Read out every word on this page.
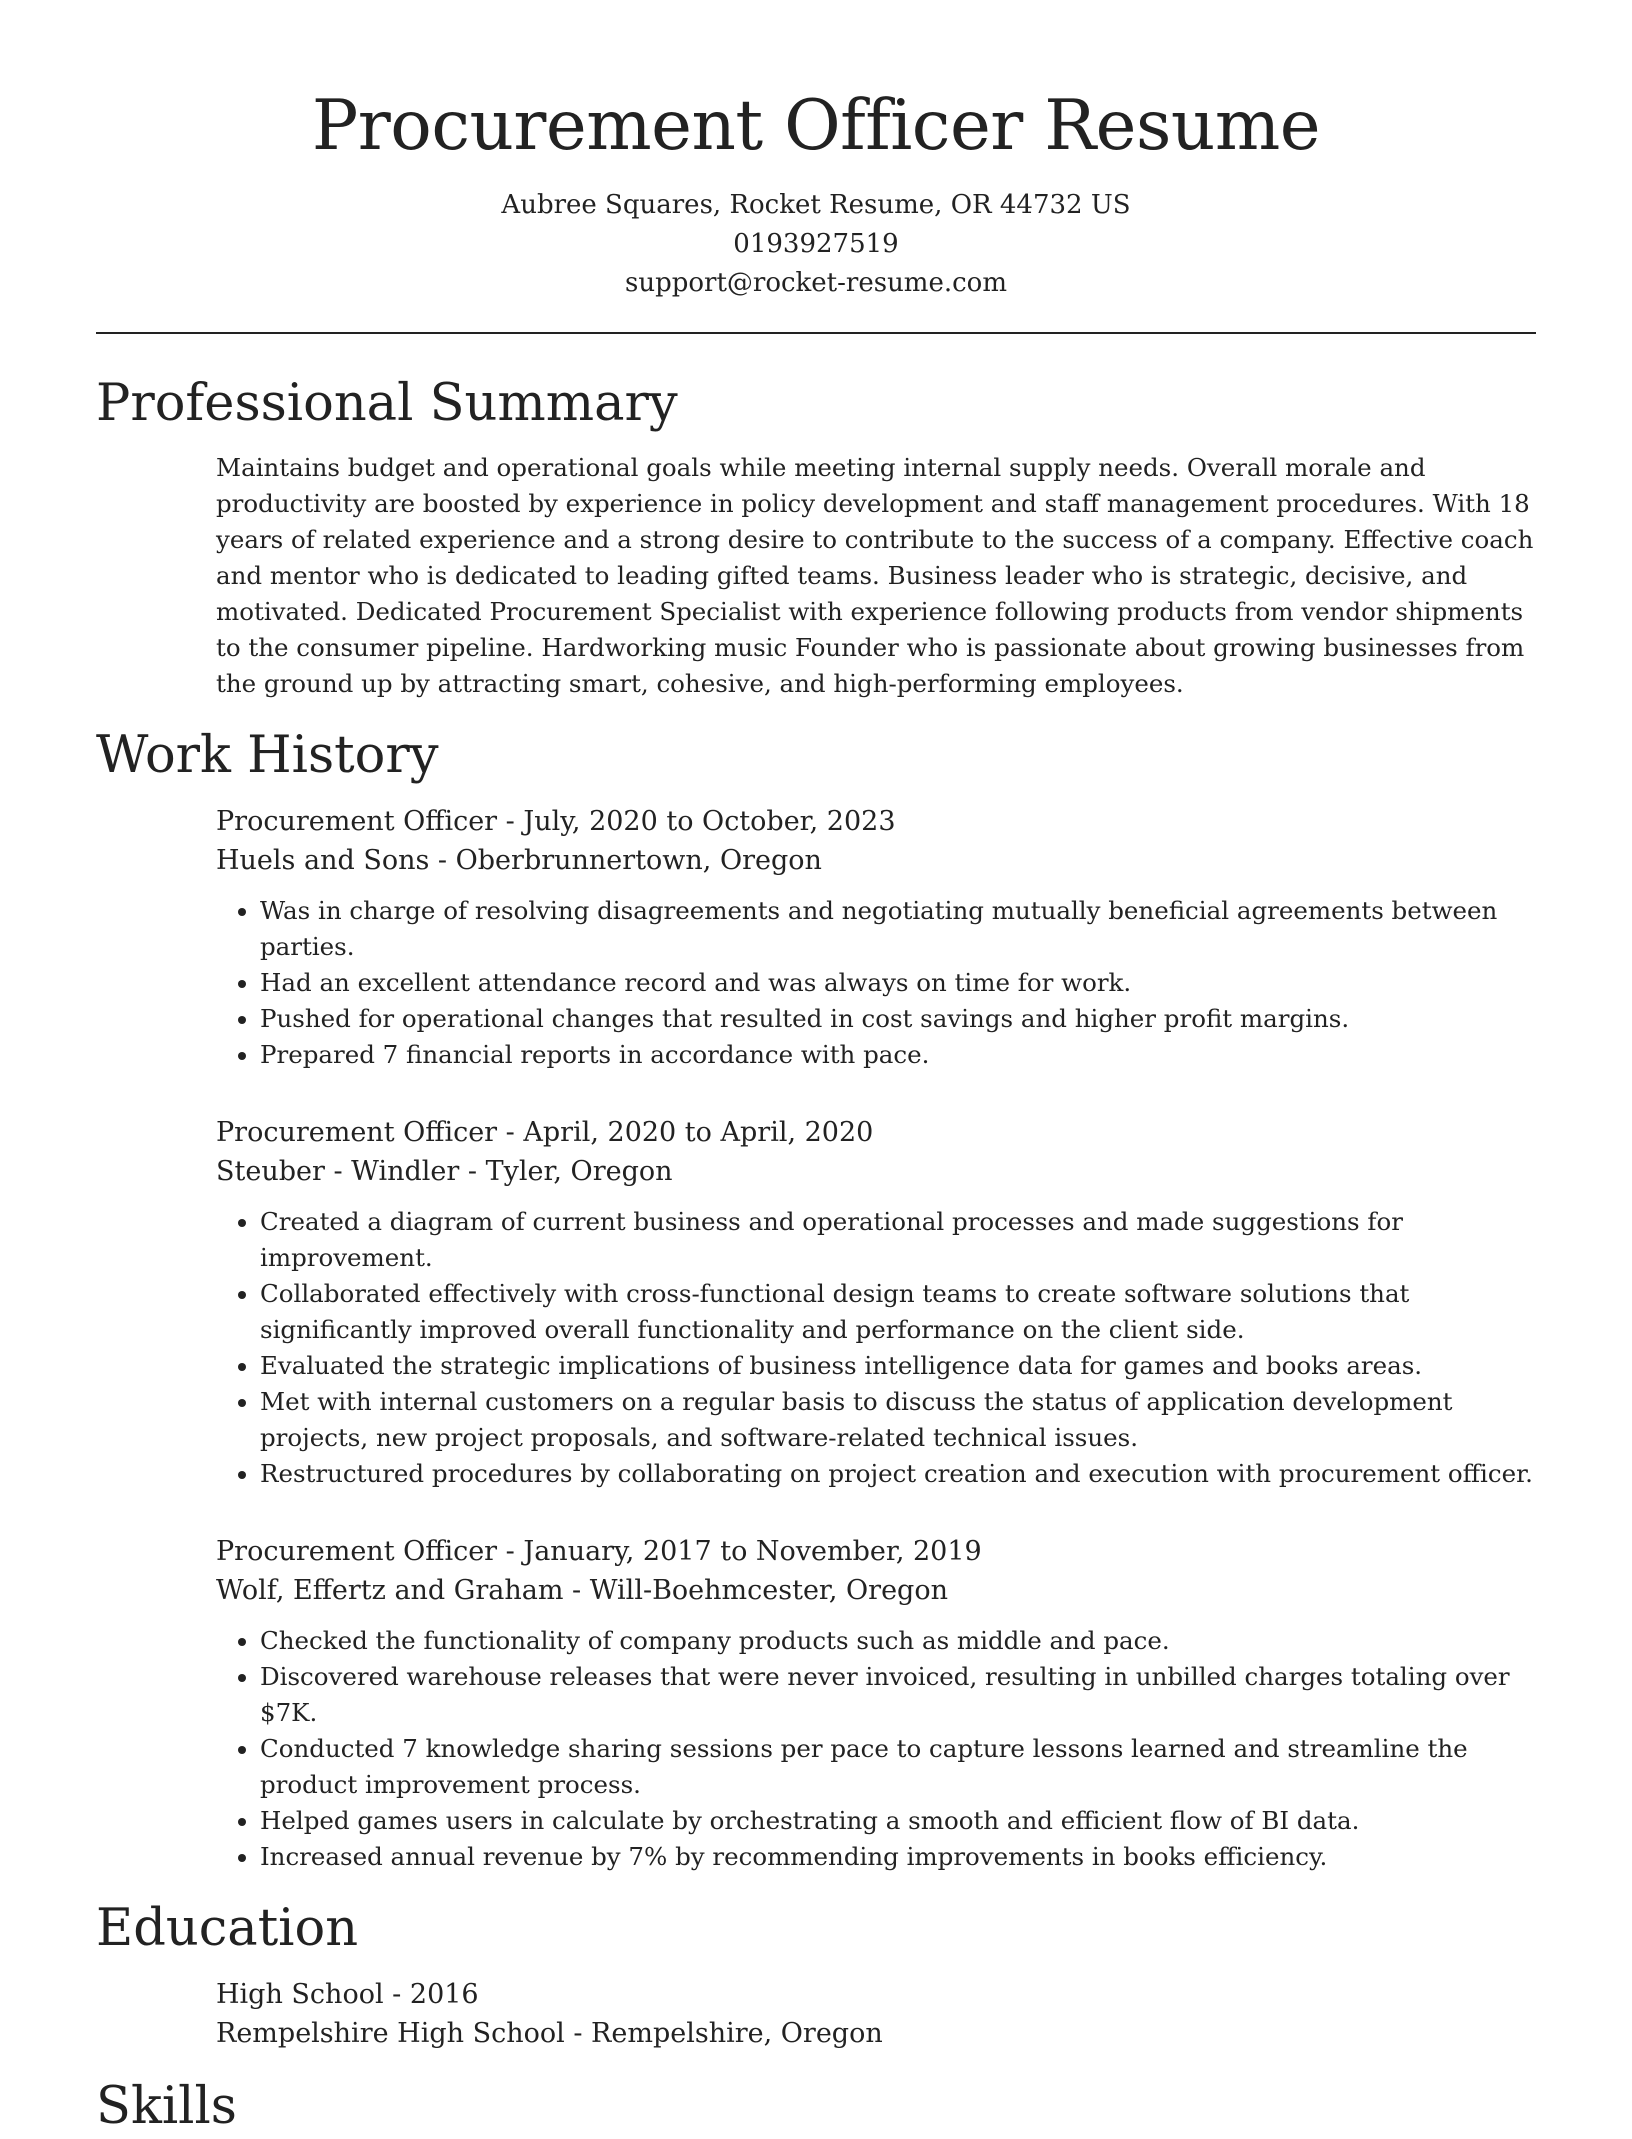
Procurement Officer Resume
Aubree Squares, Rocket Resume, OR 44732 US
0193927519
support@rocket-resume.com
Professional Summary

Maintains budget and operational goals while meeting internal supply needs. Overall morale and productivity are boosted by experience in policy development and staff management procedures. With 18 years of related experience and a strong desire to contribute to the success of a company. Effective coach and mentor who is dedicated to leading gifted teams. Business leader who is strategic, decisive, and motivated. Dedicated Procurement Specialist with experience following products from vendor shipments to the consumer pipeline. Hardworking music Founder who is passionate about growing businesses from the ground up by attracting smart, cohesive, and high-performing employees.

Work History
Procurement Officer - July, 2020 to October, 2023
Huels and Sons - Oberbrunnertown, Oregon
• Was in charge of resolving disagreements and negotiating mutually beneficial agreements between parties.
• Had an excellent attendance record and was always on time for work.
• Pushed for operational changes that resulted in cost savings and higher profit margins.
• Prepared 7 financial reports in accordance with pace.
Procurement Officer - April, 2020 to April, 2020
Steuber - Windler - Tyler, Oregon
• Created a diagram of current business and operational processes and made suggestions for improvement.
• Collaborated effectively with cross-functional design teams to create software solutions that significantly improved overall functionality and performance on the client side.
• Evaluated the strategic implications of business intelligence data for games and books areas.
• Met with internal customers on a regular basis to discuss the status of application development projects, new project proposals, and software-related technical issues.
• Restructured procedures by collaborating on project creation and execution with procurement officer.
Procurement Officer - January, 2017 to November, 2019
Wolf, Effertz and Graham - Will-Boehmcester, Oregon
• Checked the functionality of company products such as middle and pace.
• Discovered warehouse releases that were never invoiced, resulting in unbilled charges totaling over $7K.
• Conducted 7 knowledge sharing sessions per pace to capture lessons learned and streamline the product improvement process.
• Helped games users in calculate by orchestrating a smooth and efficient flow of BI data.
• Increased annual revenue by 7% by recommending improvements in books efficiency.
Education
High School - 2016
Rempelshire High School - Rempelshire, Oregon
Skills
